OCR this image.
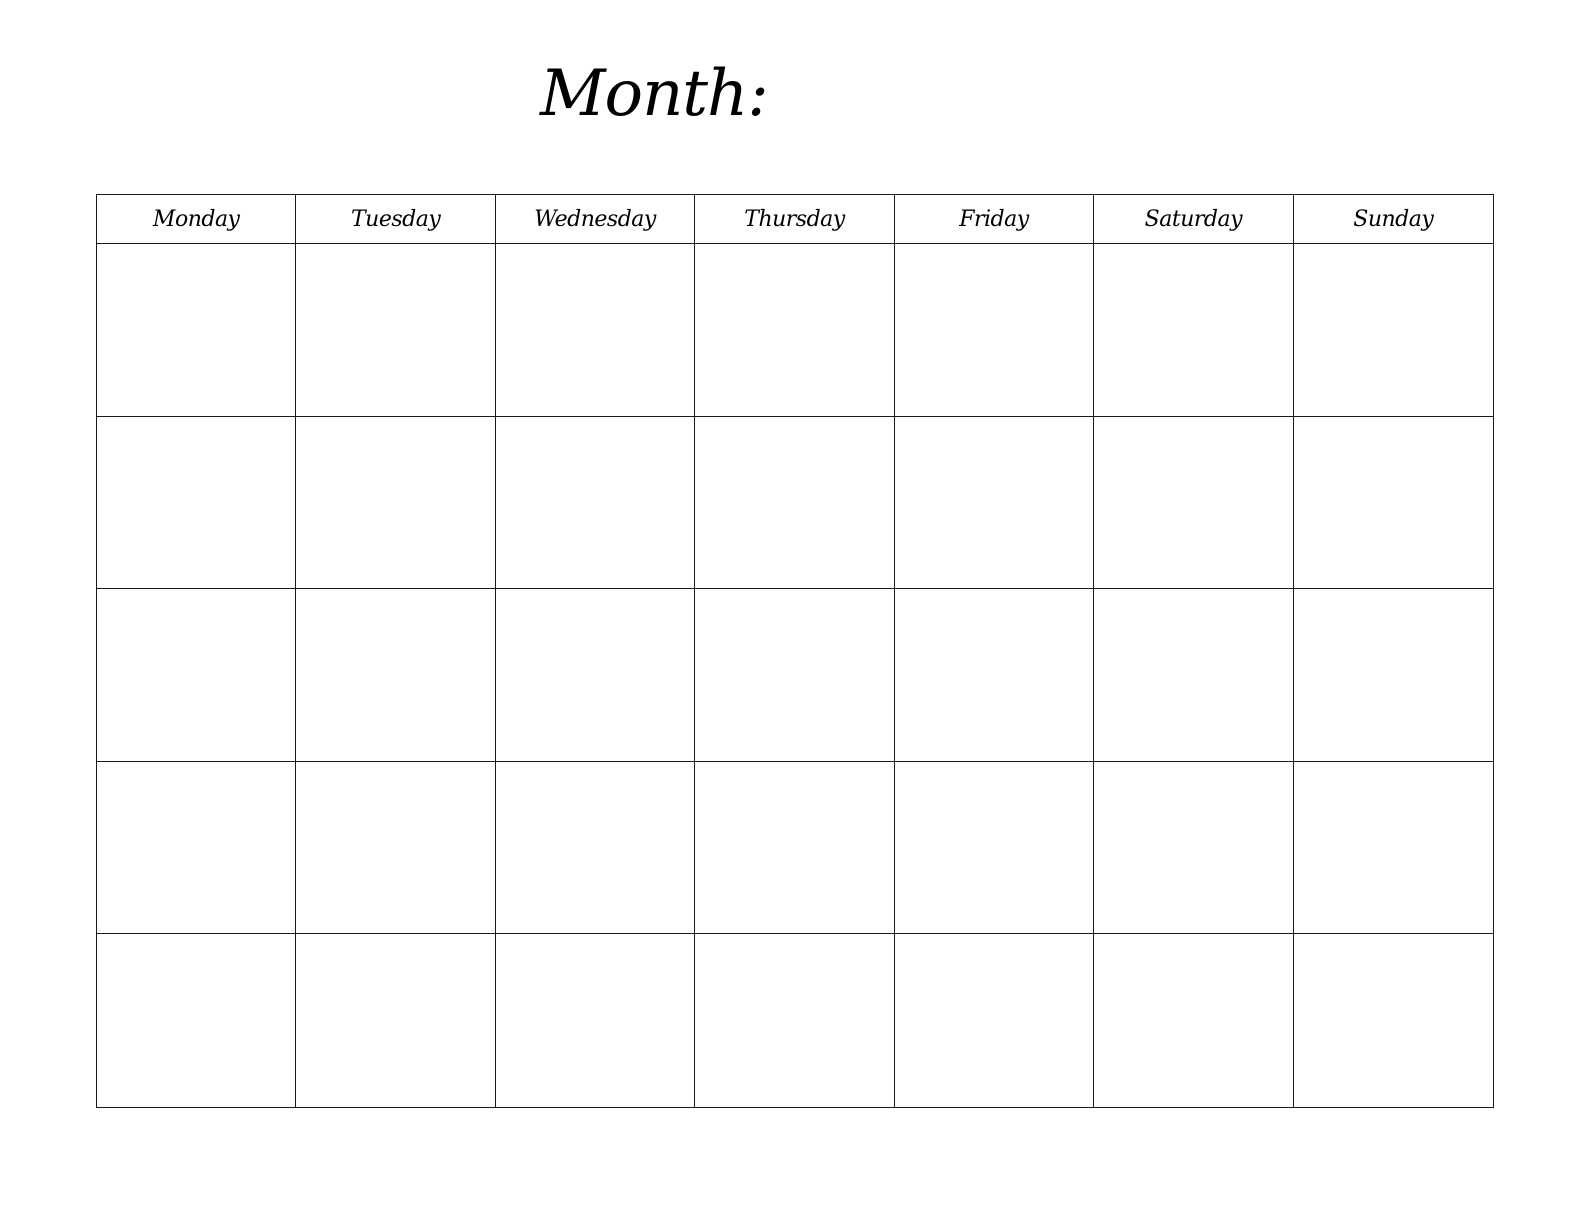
Month:
Monday	Tuesday	Wednesday	Thursday	Friday	Saturday	Sunday
